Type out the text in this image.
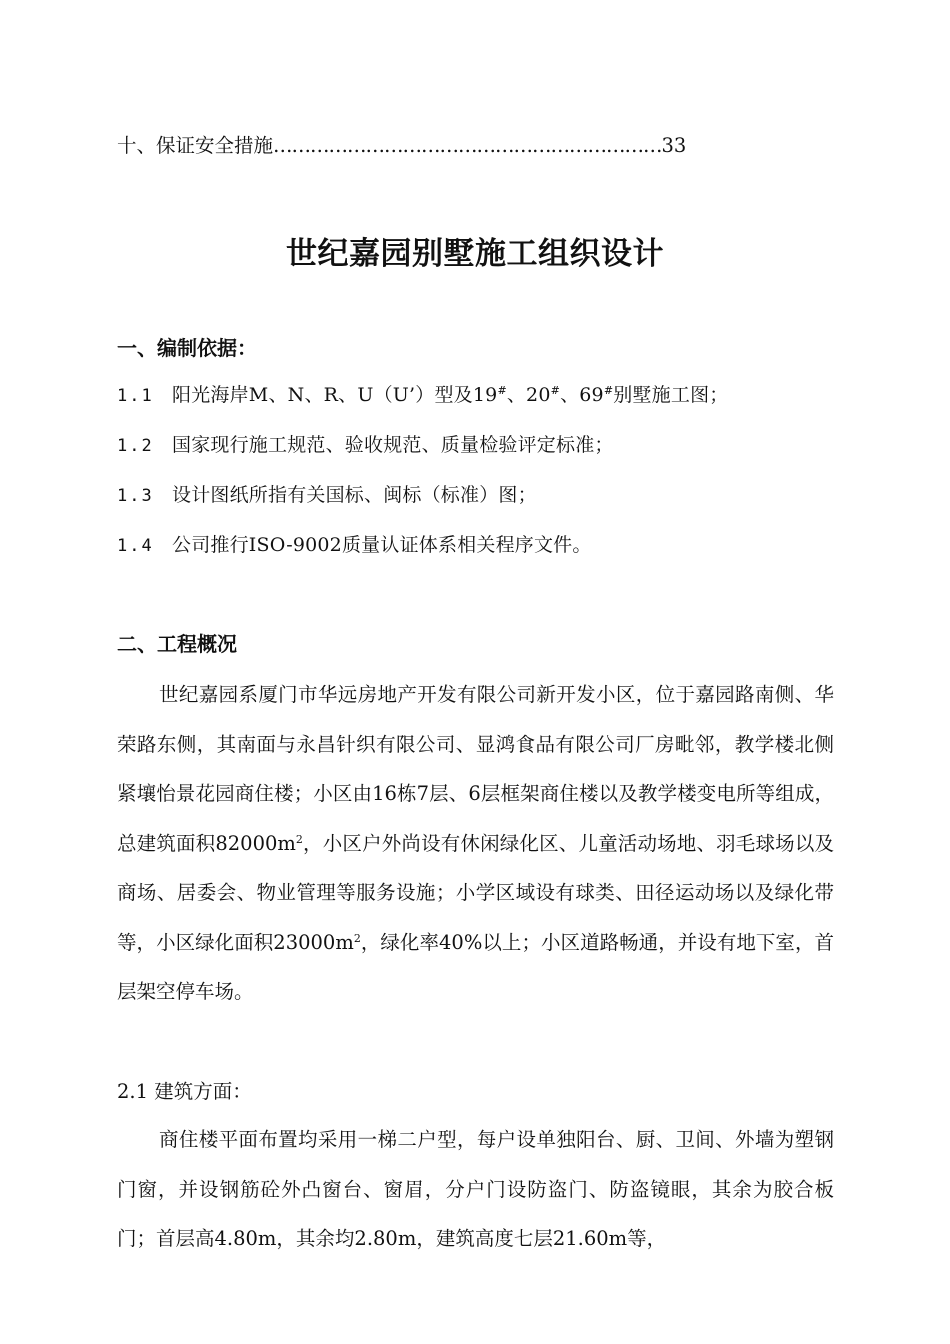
十、保证安全措施………………………………………………………33
世纪嘉园别墅施工组织设计
一、编制依据：
1.1 阳光海岸M、N、R、U（U’）型及19#、20#、69#别墅施工图；
1.2 国家现行施工规范、验收规范、质量检验评定标准；
1.3 设计图纸所指有关国标、闽标（标准）图；
1.4 公司推行ISO-9002质量认证体系相关程序文件。
二、工程概况
世纪嘉园系厦门市华远房地产开发有限公司新开发小区，位于嘉园路南侧、华荣路东侧，其南面与永昌针织有限公司、显鸿食品有限公司厂房毗邻，教学楼北侧紧壤怡景花园商住楼；小区由16栋7层、6层框架商住楼以及教学楼变电所等组成，总建筑面积$82000m^2$，小区户外尚设有休闲绿化区、儿童活动场地、羽毛球场以及商场、居委会、物业管理等服务设施；小学区域设有球类、田径运动场以及绿化带等，小区绿化面积$23000m^2$，绿化率40%以上；小区道路畅通，并设有地下室，首层架空停车场。
2.1 建筑方面：
商住楼平面布置均采用一梯二户型，每户设单独阳台、厨、卫间、外墙为塑钢门窗，并设钢筋砼外凸窗台、窗眉，分户门设防盗门、防盗镜眼，其余为胶合板门；首层高4.80m，其余均2.80m，建筑高度七层21.60m等，
